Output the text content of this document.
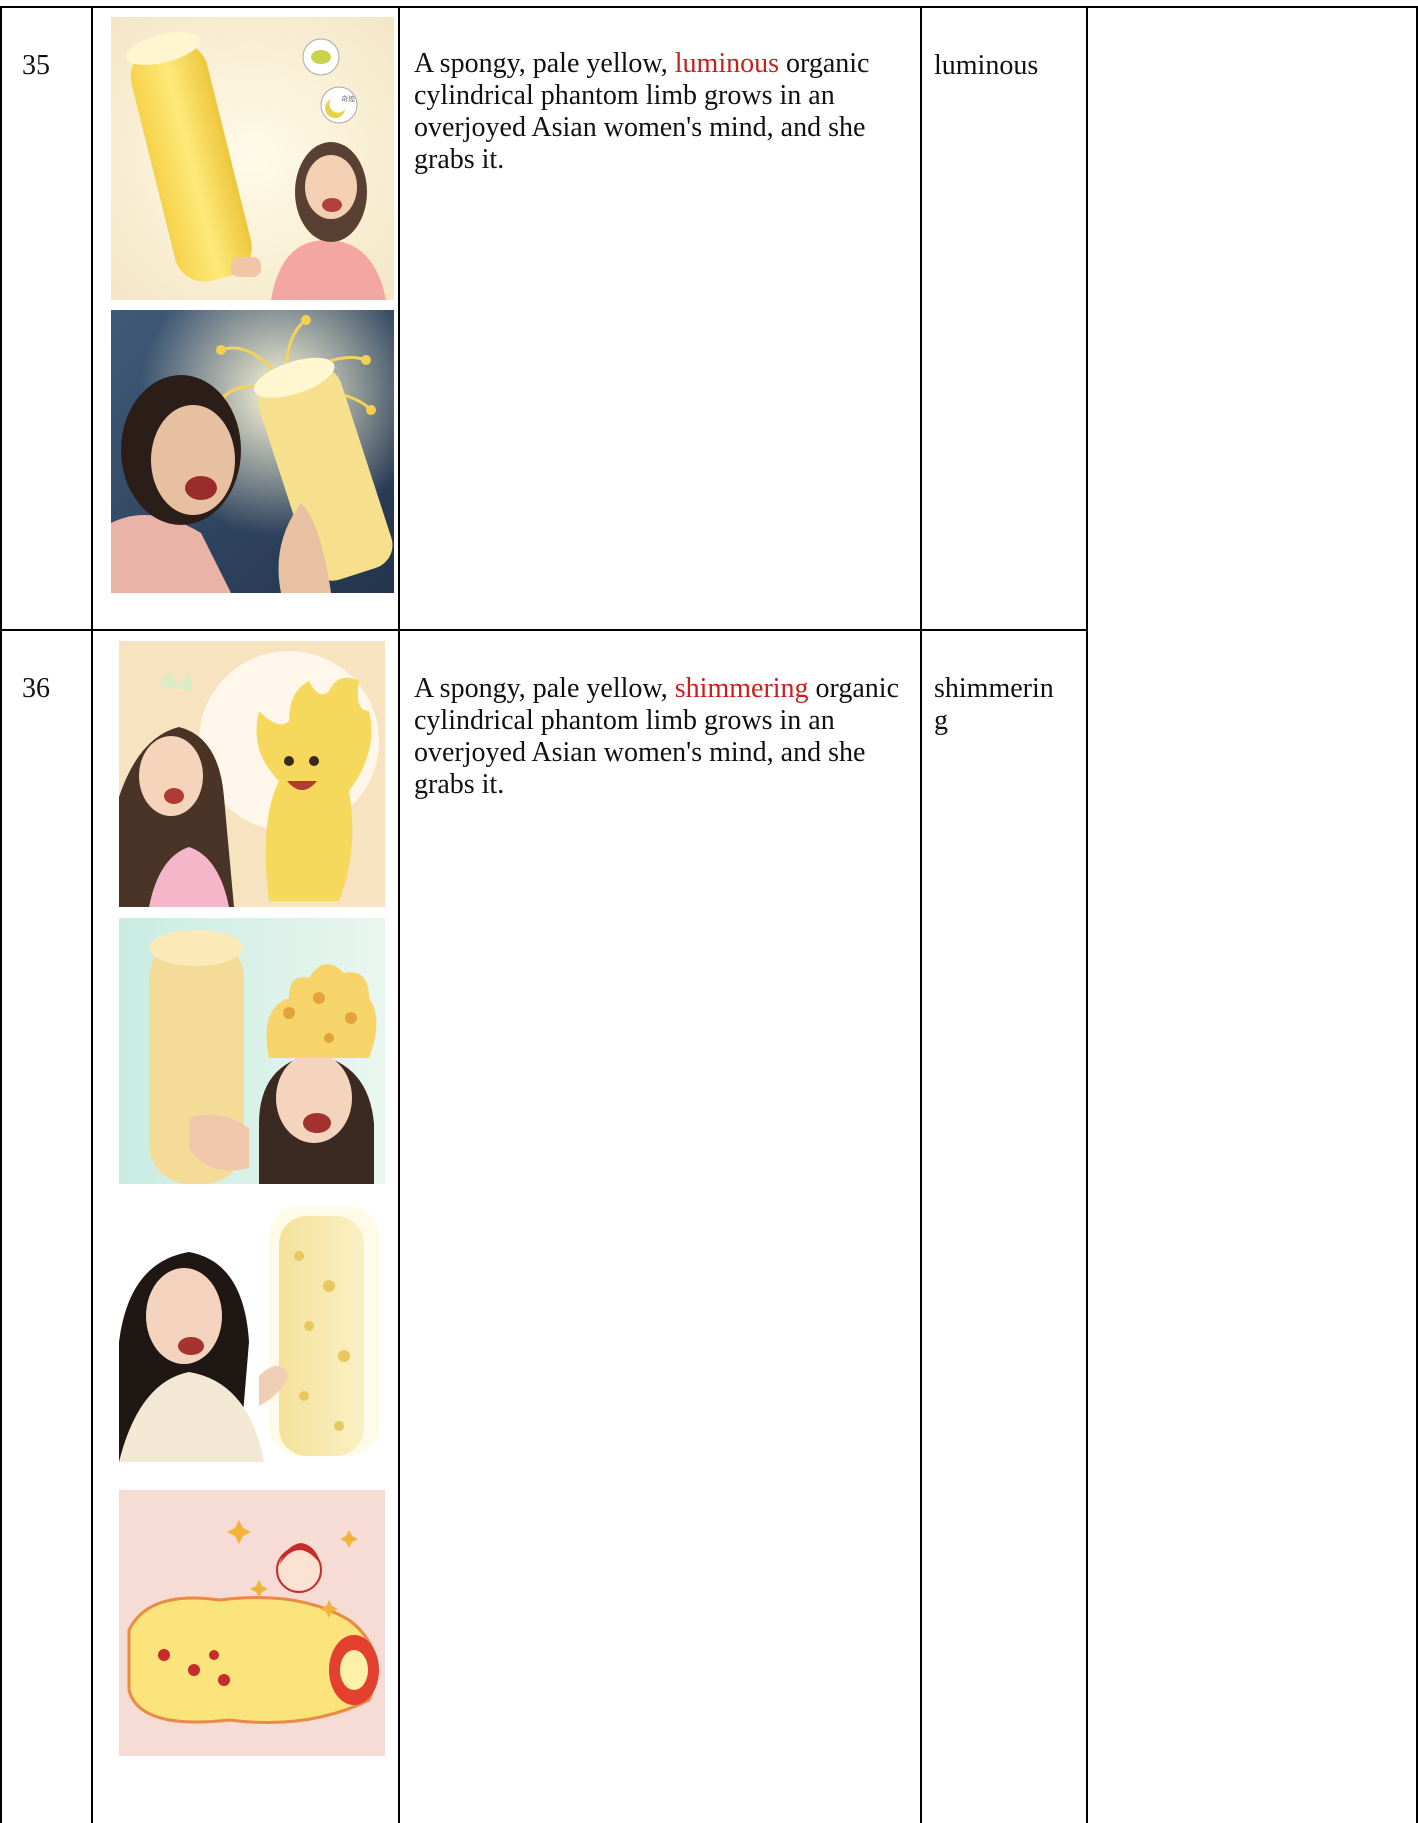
35	A spongy, pale yellow, luminous organic cylindrical phantom limb grows in an overjoyed Asian women's mind, and she grabs it.
luminous
奇迹
36	A spongy, pale yellow, shimmering organic cylindrical phantom limb grows in an overjoyed Asian women's mind, and she grabs it.
shimmerin
g
